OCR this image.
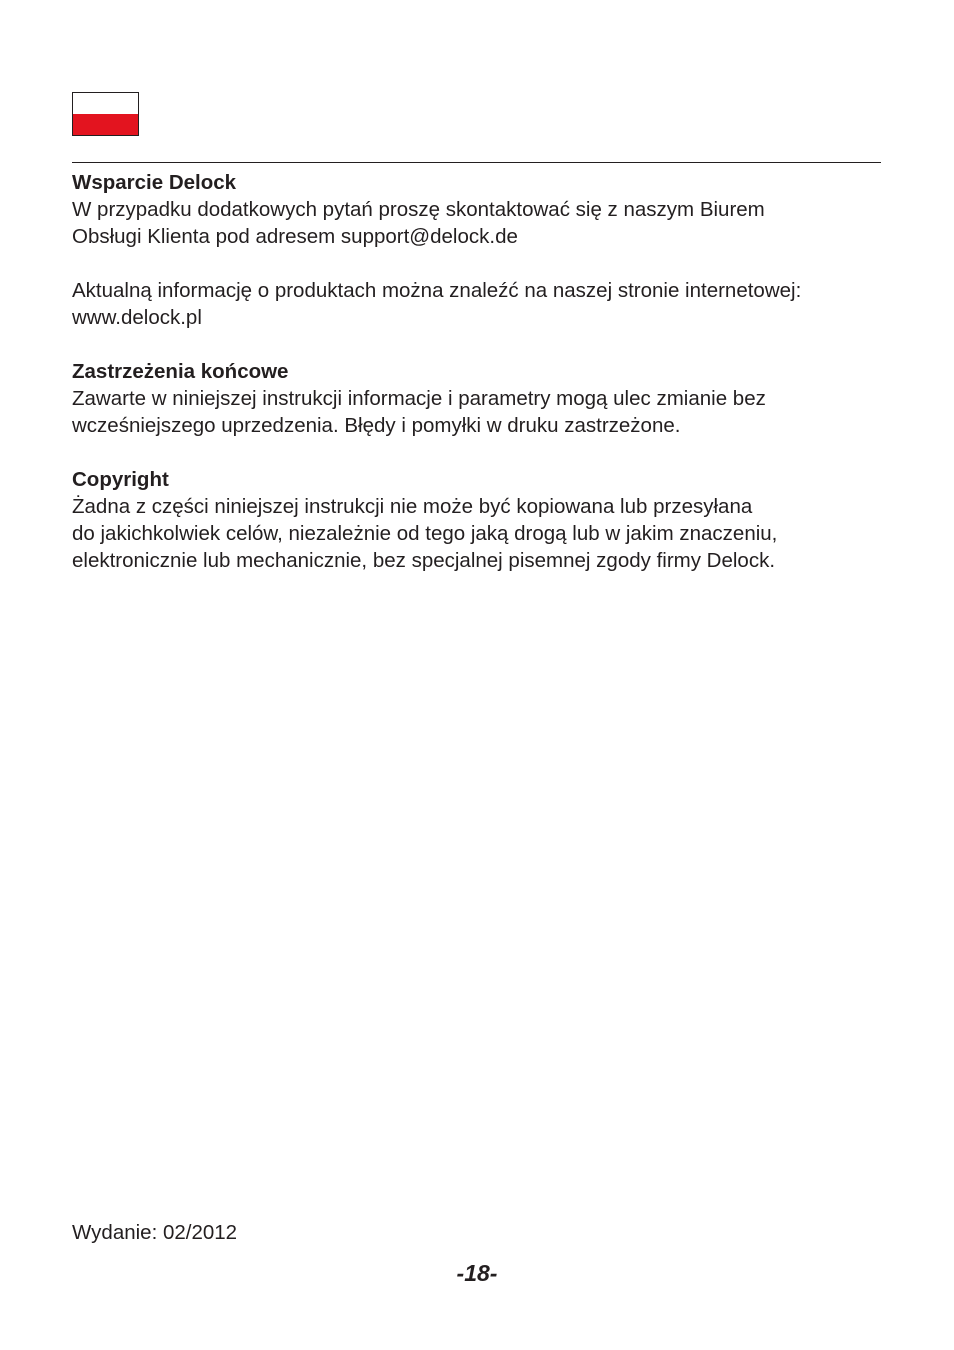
Wsparcie Delock

W przypadku dodatkowych pytań proszę skontaktować się z naszym Biurem

Obsługi Klienta pod adresem support@delock.de

Aktualną informację o produktach można znaleźć na naszej stronie internetowej:

www.delock.pl

Zastrzeżenia końcowe

Zawarte w niniejszej instrukcji informacje i parametry mogą ulec zmianie bez

wcześniejszego uprzedzenia. Błędy i pomyłki w druku zastrzeżone.

Copyright

Żadna z części niniejszej instrukcji nie może być kopiowana lub przesyłana

do jakichkolwiek celów, niezależnie od tego jaką drogą lub w jakim znaczeniu,

elektronicznie lub mechanicznie, bez specjalnej pisemnej zgody firmy Delock.

Wydanie: 02/2012
-18-
